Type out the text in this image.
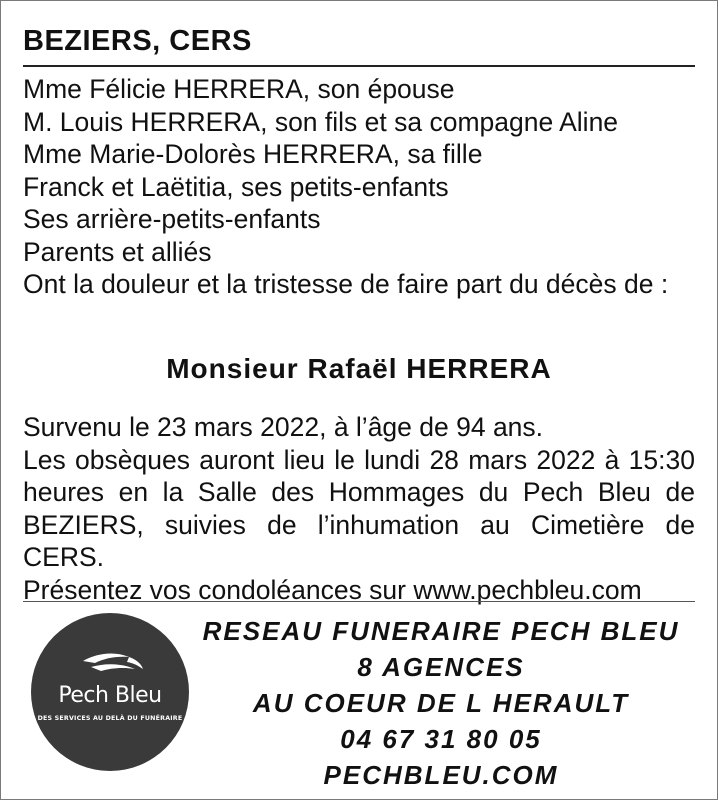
BEZIERS, CERS
Mme Félicie HERRERA, son épouse
M. Louis HERRERA, son fils et sa compagne Aline
Mme Marie-Dolorès HERRERA, sa fille
Franck et Laëtitia, ses petits-enfants
Ses arrière-petits-enfants
Parents et alliés

Ont la douleur et la tristesse de faire part du décès de :

Monsieur Rafaël HERRERA

Survenu le 23 mars 2022, à l’âge de 94 ans.
Les obsèques auront lieu le lundi 28 mars 2022 à 15:30
heures en la Salle des Hommages du Pech Bleu de
BEZIERS, suivies de l’inhumation au Cimetière de CERS.
Présentez vos condoléances sur www.pechbleu.com

Pech Bleu
DES SERVICES AU DELÀ DU FUNÉRAIRE
RESEAU FUNERAIRE PECH BLEU
8 AGENCES
AU COEUR DE L HERAULT
04 67 31 80 05
PECHBLEU.COM
